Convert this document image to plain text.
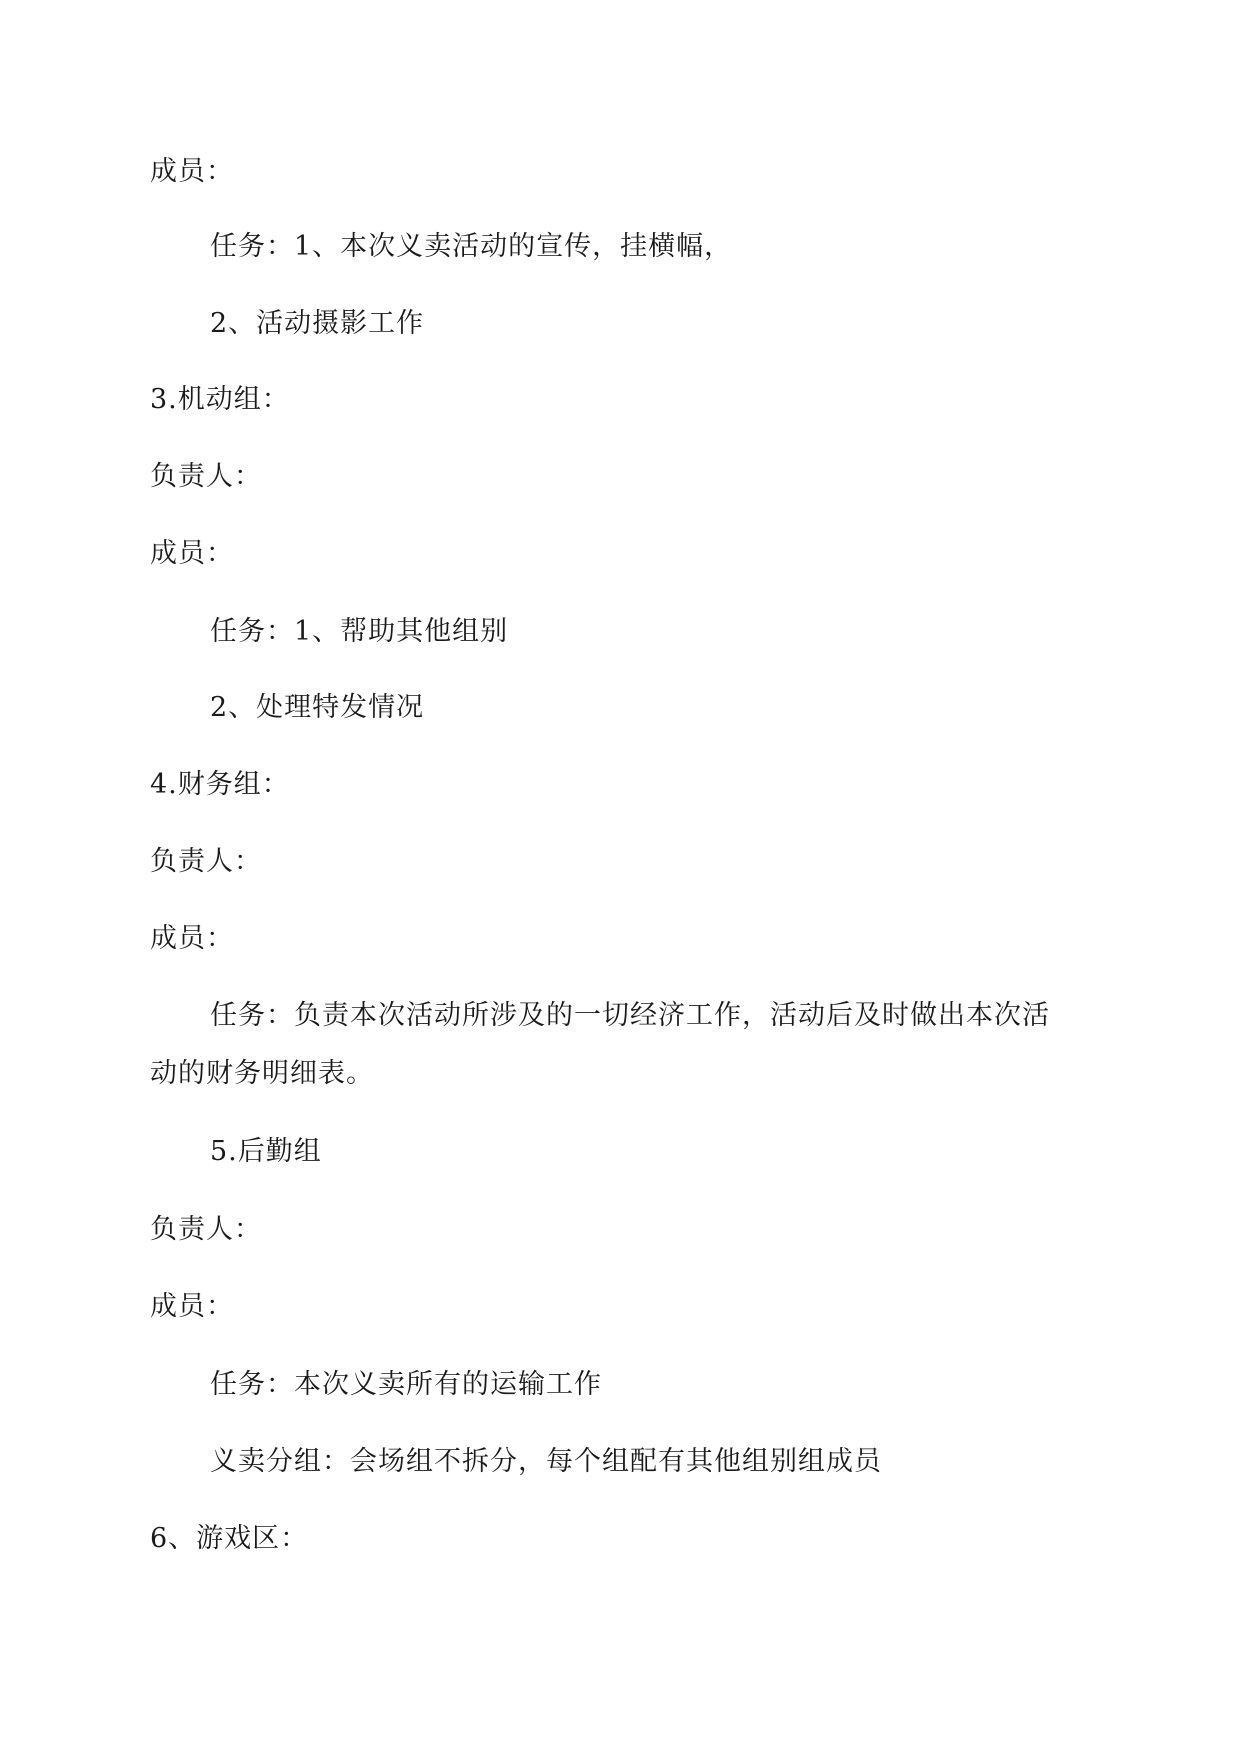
成员：
任务：1、本次义卖活动的宣传，挂横幅，
2、活动摄影工作
3.机动组：
负责人：
成员：
任务：1、帮助其他组别
2、处理特发情况
4.财务组：
负责人：
成员：
任务：负责本次活动所涉及的一切经济工作，活动后及时做出本次活
动的财务明细表。
5.后勤组
负责人：
成员：
任务：本次义卖所有的运输工作
义卖分组：会场组不拆分，每个组配有其他组别组成员
6、游戏区：
